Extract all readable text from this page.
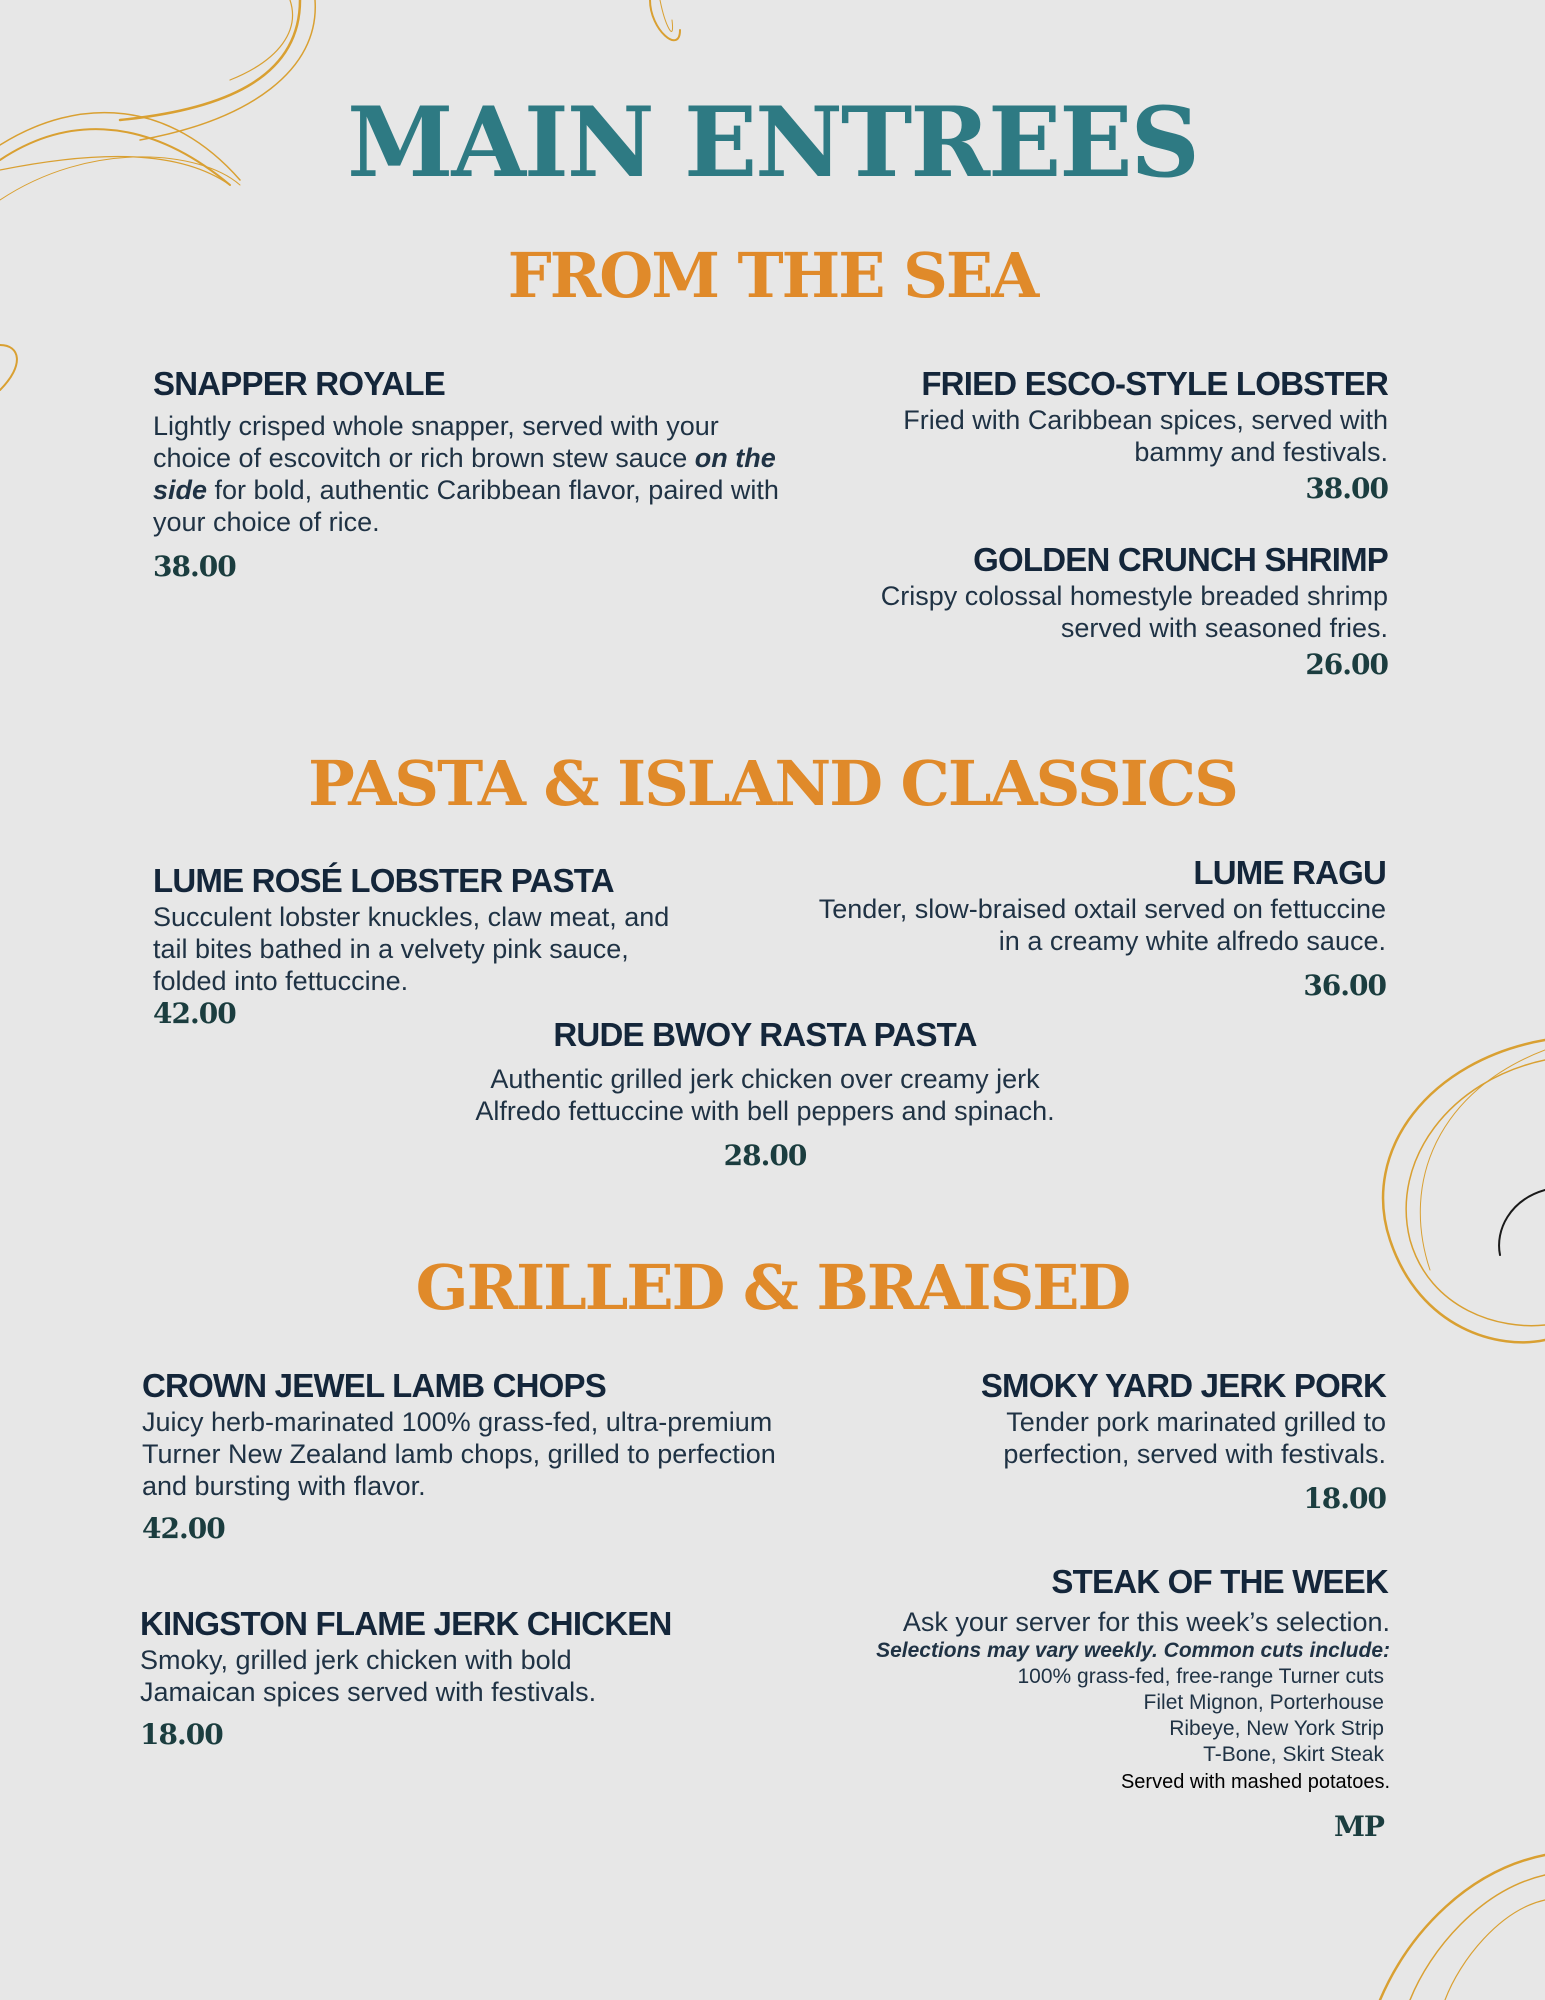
MAIN ENTREES
FROM THE SEA

SNAPPER ROYALE

Lightly crisped whole snapper, served with your choice of escovitch or rich brown stew sauce on the side for bold, authentic Caribbean flavor, paired with your choice of rice.

38.00

FRIED ESCO-STYLE LOBSTER

Fried with Caribbean spices, served with bammy and festivals.

38.00

GOLDEN CRUNCH SHRIMP

Crispy colossal homestyle breaded shrimp served with seasoned fries.

26.00

PASTA & ISLAND CLASSICS

LUME ROSÉ LOBSTER PASTA

Succulent lobster knuckles, claw meat, and tail bites bathed in a velvety pink sauce, folded into fettuccine.

42.00

LUME RAGU

Tender, slow-braised oxtail served on fettuccine in a creamy white alfredo sauce.

36.00

RUDE BWOY RASTA PASTA

Authentic grilled jerk chicken over creamy jerk Alfredo fettuccine with bell peppers and spinach.

28.00

GRILLED & BRAISED

CROWN JEWEL LAMB CHOPS

Juicy herb-marinated 100% grass-fed, ultra-premium Turner New Zealand lamb chops, grilled to perfection and bursting with flavor.

42.00

SMOKY YARD JERK PORK

Tender pork marinated grilled to perfection, served with festivals.

18.00

KINGSTON FLAME JERK CHICKEN

Smoky, grilled jerk chicken with bold Jamaican spices served with festivals.

18.00

STEAK OF THE WEEK

Ask your server for this week’s selection.

Selections may vary weekly. Common cuts include:

100% grass-fed, free-range Turner cuts

Filet Mignon, Porterhouse

Ribeye, New York Strip

T-Bone, Skirt Steak

Served with mashed potatoes.

MP
